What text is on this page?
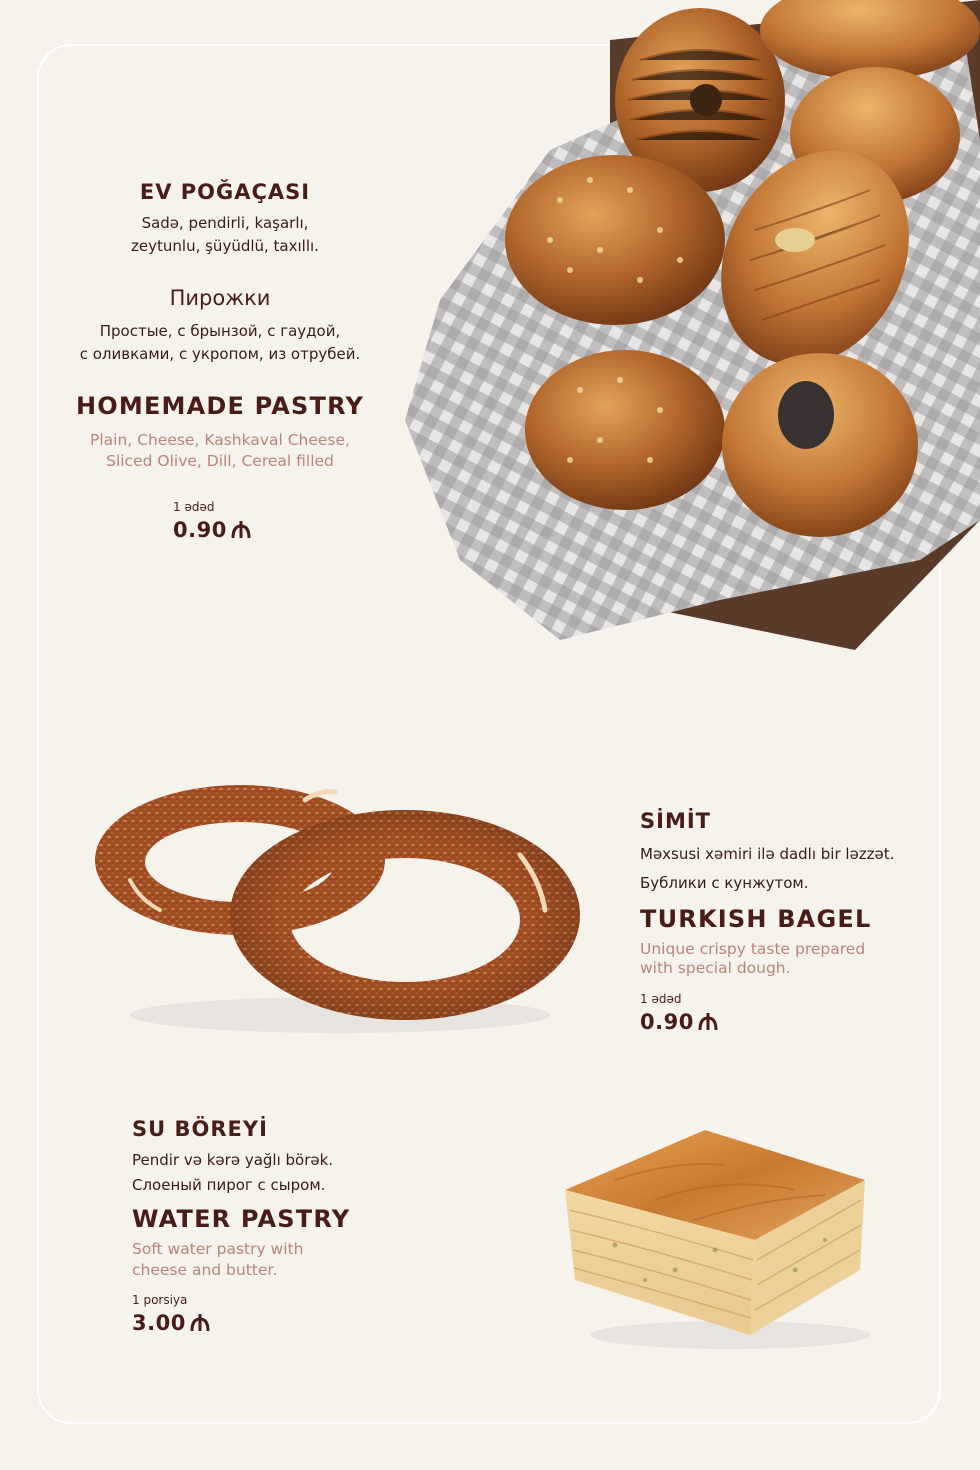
EV POĞAÇASI

Sadə, pendirli, kaşarlı,

zeytunlu, şüyüdlü, taxıllı.

Пирожки

Простые, с брынзой, с гаудой,

с оливками, с укропом, из отрубей.

HOMEMADE PASTRY

Plain, Cheese, Kashkaval Cheese,

Sliced Olive, Dill, Cereal filled

1 ədəd

0.90

SİMİT

Məxsusi xəmiri ilə dadlı bir ləzzət.

Бублики с кунжутом.

TURKISH BAGEL

Unique crispy taste prepared

with special dough.

1 ədəd

0.90

SU BÖREYİ

Pendir və kərə yağlı börək.

Слоеный пирог с сыром.

WATER PASTRY

Soft water pastry with

cheese and butter.

1 porsiya

3.00
